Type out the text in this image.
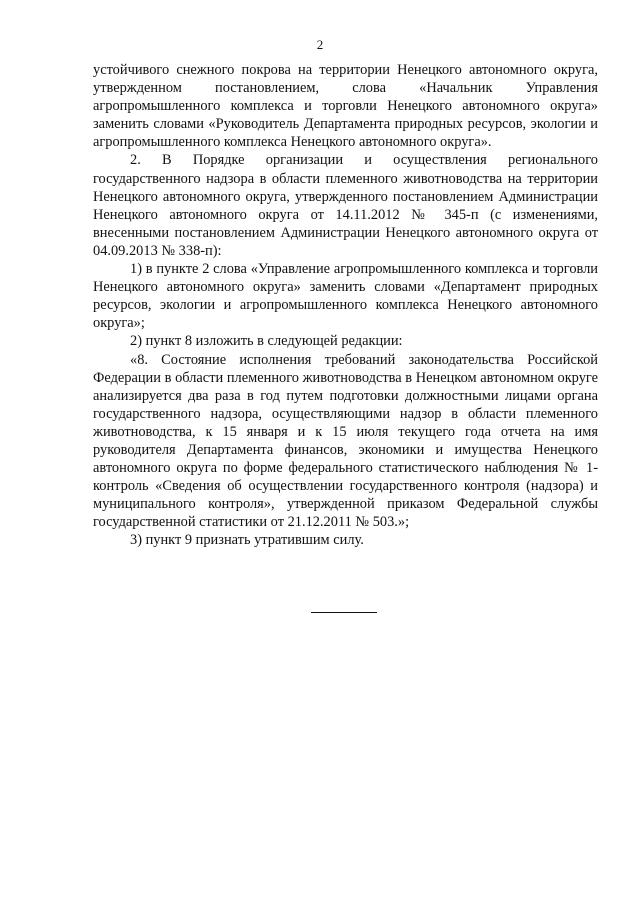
2

устойчивого снежного покрова на территории Ненецкого автономного округа, утвержденном постановлением, слова «Начальник Управления агропромышленного комплекса и торговли Ненецкого автономного округа» заменить словами «Руководитель Департамента природных ресурсов, экологии и агропромышленного комплекса Ненецкого автономного округа».

2. В Порядке организации и осуществления регионального государственного надзора в области племенного животноводства на территории Ненецкого автономного округа, утвержденного постановлением Администрации Ненецкого автономного округа от 14.11.2012 № 345-п (с изменениями, внесенными постановлением Администрации Ненецкого автономного округа от 04.09.2013 № 338-п):

1) в пункте 2 слова «Управление агропромышленного комплекса и торговли Ненецкого автономного округа» заменить словами «Департамент природных ресурсов, экологии и агропромышленного комплекса Ненецкого автономного округа»;

2) пункт 8 изложить в следующей редакции:

«8. Состояние исполнения требований законодательства Российской Федерации в области племенного животноводства в Ненецком автономном округе анализируется два раза в год путем подготовки должностными лицами органа государственного надзора, осуществляющими надзор в области племенного животноводства, к 15 января и к 15 июля текущего года отчета на имя руководителя Департамента финансов, экономики и имущества Ненецкого автономного округа по форме федерального статистического наблюдения № 1-контроль «Сведения об осуществлении государственного контроля (надзора) и муниципального контроля», утвержденной приказом Федеральной службы государственной статистики от 21.12.2011 № 503.»;

3) пункт 9 признать утратившим силу.
